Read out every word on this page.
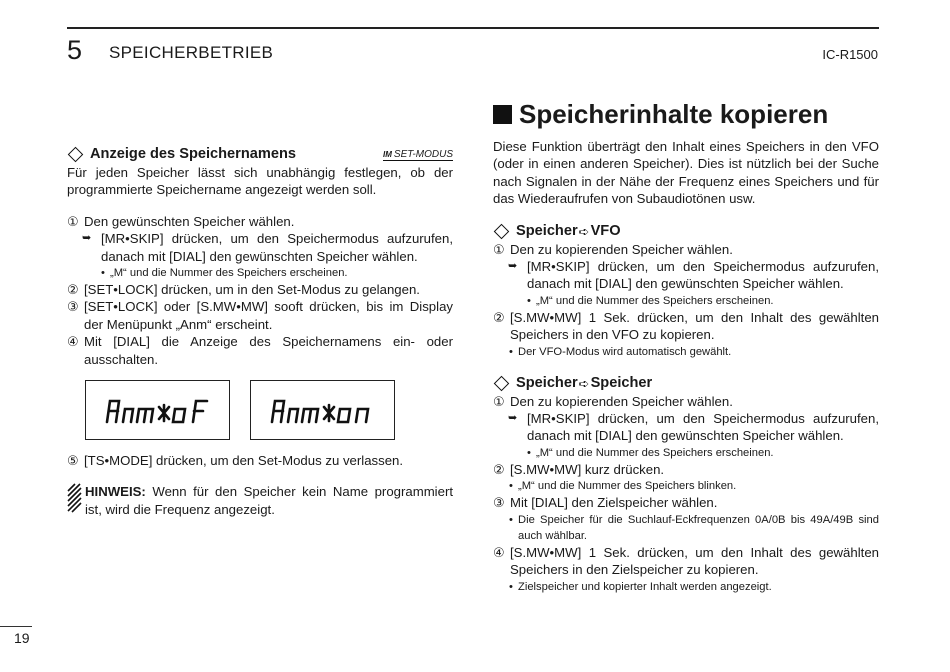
5 SPEICHERBETRIEB	IC-R1500
Anzeige des Speichernamens	IM SET-MODUS

Für jeden Speicher lässt sich unabhängig festlegen, ob der programmierte Speichername angezeigt werden soll.

① Den gewünschten Speicher wählen.
➥ [MR•SKIP] drücken, um den Speichermodus aufzurufen, danach mit [DIAL] den gewünschten Speicher wählen.
• „M“ und die Nummer des Speichers erscheinen.
② [SET•LOCK] drücken, um in den Set-Modus zu gelangen.
③ [SET•LOCK] oder [S.MW•MW] sooft drücken, bis im Display der Menüpunkt „Anm“ erscheint.
④ Mit [DIAL] die Anzeige des Speichernamens ein- oder ausschalten.
⑤ [TS•MODE] drücken, um den Set-Modus zu verlassen.
HINWEIS: Wenn für den Speicher kein Name programmiert ist, wird die Frequenz angezeigt.
Speicherinhalte kopieren

Diese Funktion überträgt den Inhalt eines Speichers in den VFO (oder in einen anderen Speicher). Dies ist nützlich bei der Suche nach Signalen in der Nähe der Frequenz eines Speichers und für das Wiederaufrufen von Subaudiotönen usw.

Speicher ➪ VFO
① Den zu kopierenden Speicher wählen.
➥ [MR•SKIP] drücken, um den Speichermodus aufzurufen, danach mit [DIAL] den gewünschten Speicher wählen.
• „M“ und die Nummer des Speichers erscheinen.
② [S.MW•MW] 1 Sek. drücken, um den Inhalt des gewählten Speichers in den VFO zu kopieren.
• Der VFO-Modus wird automatisch gewählt.
Speicher ➪ Speicher
① Den zu kopierenden Speicher wählen.
➥ [MR•SKIP] drücken, um den Speichermodus aufzurufen, danach mit [DIAL] den gewünschten Speicher wählen.
• „M“ und die Nummer des Speichers erscheinen.
② [S.MW•MW] kurz drücken.
• „M“ und die Nummer des Speichers blinken.
③ Mit [DIAL] den Zielspeicher wählen.
• Die Speicher für die Suchlauf-Eckfrequenzen 0A/0B bis 49A/49B sind auch wählbar.
④ [S.MW•MW] 1 Sek. drücken, um den Inhalt des gewählten Speichers in den Zielspeicher zu kopieren.
• Zielspeicher und kopierter Inhalt werden angezeigt.
19
